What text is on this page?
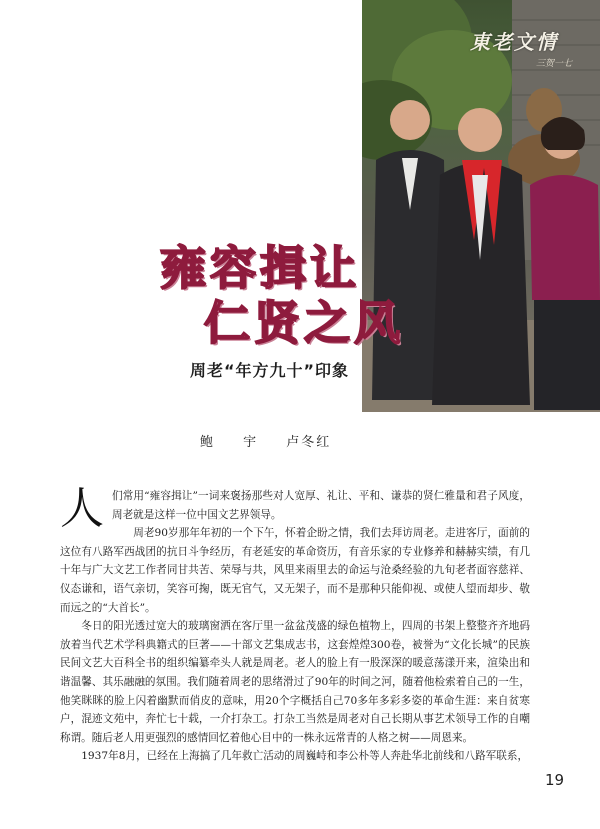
東老文情
三贺一七
雍容揖让
仁贤之风
周老“年方九十”印象
鲍 宇 卢冬红

人 们常用“雍容揖让”一词来褒扬那些对人宽厚、礼让、平和、谦恭的贤仁雅量和君子风度，周老就是这样一位中国文艺界领导。

周老90岁那年年初的一个下午，怀着企盼之情，我们去拜访周老。走进客厅，面前的这位有八路军西战团的抗日斗争经历，有老延安的革命资历，有音乐家的专业修养和赫赫实绩，有几十年与广大文艺工作者同甘共苦、荣辱与共，风里来雨里去的命运与沧桑经验的九旬老者面容慈祥、仪态谦和，语气亲切，笑容可掬，既无官气，又无架子，而不是那种只能仰视、或使人望而却步、敬而远之的“大首长”。

冬日的阳光透过宽大的玻璃窗洒在客厅里一盆盆茂盛的绿色植物上，四周的书架上整整齐齐地码放着当代艺术学科典籍式的巨著——十部文艺集成志书，这套煌煌300卷，被誉为“文化长城”的民族民间文艺大百科全书的组织编纂牵头人就是周老。老人的脸上有一股深深的暖意荡漾开来，渲染出和谐温馨、其乐融融的氛围。我们随着周老的思绪滑过了90年的时间之河，随着他检索着自己的一生，他笑眯眯的脸上闪着幽默而俏皮的意味，用20个字概括自己70多年多彩多姿的革命生涯：来自贫寒户，混迹文苑中，奔忙七十载，一介打杂工。打杂工当然是周老对自己长期从事艺术领导工作的自嘲称谓。随后老人用更强烈的感情回忆着他心目中的一株永远常青的人格之树——周恩来。

1937年8月，已经在上海搞了几年救亡活动的周巍峙和李公朴等人奔赴华北前线和八路军联系，

19
